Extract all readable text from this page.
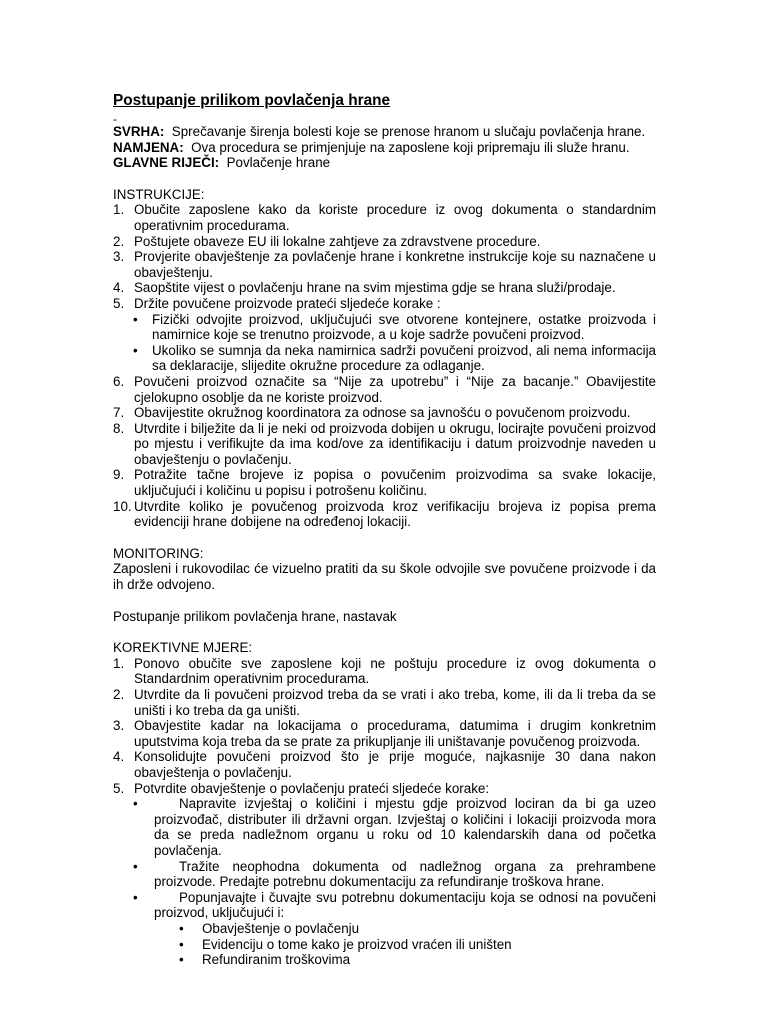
Postupanje prilikom povlačenja hrane
-

SVRHA: Sprečavanje širenja bolesti koje se prenose hranom u slučaju povlačenja hrane.

NAMJENA: Ova procedura se primjenjuje na zaposlene koji pripremaju ili služe hranu.

GLAVNE RIJEČI: Povlačenje hrane

INSTRUKCIJE:

1. Obučite zaposlene kako da koriste procedure iz ovog dokumenta o standardnim operativnim procedurama.
2. Poštujete obaveze EU ili lokalne zahtjeve za zdravstvene procedure.
3. Provjerite obavještenje za povlačenje hrane i konkretne instrukcije koje su naznačene u obavještenju.
4. Saopštite vijest o povlačenju hrane na svim mjestima gdje se hrana služi/prodaje.
5. Držite povučene proizvode prateći sljedeće korake :
• Fizički odvojite proizvod, uključujući sve otvorene kontejnere, ostatke proizvoda i namirnice koje se trenutno proizvode, a u koje sadrže povučeni proizvod.
• Ukoliko se sumnja da neka namirnica sadrži povučeni proizvod, ali nema informacija sa deklaracije, slijedite okružne procedure za odlaganje.
6. Povučeni proizvod označite sa “Nije za upotrebu” i “Nije za bacanje.” Obavijestite cjelokupno osoblje da ne koriste proizvod.
7. Obavijestite okružnog koordinatora za odnose sa javnošću o povučenom proizvodu.
8. Utvrdite i bilježite da li je neki od proizvoda dobijen u okrugu, locirajte povučeni proizvod po mjestu i verifikujte da ima kod/ove za identifikaciju i datum proizvodnje naveden u obavještenju o povlačenju.
9. Potražite tačne brojeve iz popisa o povučenim proizvodima sa svake lokacije, uključujući i količinu u popisu i potrošenu količinu.
10. Utvrdite koliko je povučenog proizvoda kroz verifikaciju brojeva iz popisa prema evidenciji hrane dobijene na određenoj lokaciji.

MONITORING:

Zaposleni i rukovodilac će vizuelno pratiti da su škole odvojile sve povučene proizvode i da ih drže odvojeno.

Postupanje prilikom povlačenja hrane, nastavak

KOREKTIVNE MJERE:

1. Ponovo obučite sve zaposlene koji ne poštuju procedure iz ovog dokumenta o Standardnim operativnim procedurama.
2. Utvrdite da li povučeni proizvod treba da se vrati i ako treba, kome, ili da li treba da se uništi i ko treba da ga uništi.
3. Obavjestite kadar na lokacijama o procedurama, datumima i drugim konkretnim uputstvima koja treba da se prate za prikupljanje ili uništavanje povučenog proizvoda.
4. Konsolidujte povučeni proizvod što je prije moguće, najkasnije 30 dana nakon obavještenja o povlačenju.
5. Potvrdite obavještenje o povlačenju prateći sljedeće korake:
•	Napravite izvještaj o količini i mjestu gdje proizvod lociran da bi ga uzeo proizvođač, distributer ili državni organ. Izvještaj o količini i lokaciji proizvoda mora da se preda nadležnom organu u roku od 10 kalendarskih dana od početka povlačenja.
•	Tražite neophodna dokumenta od nadležnog organa za prehrambene proizvode. Predajte potrebnu dokumentaciju za refundiranje troškova hrane.
•	Popunjavajte i čuvajte svu potrebnu dokumentaciju koja se odnosi na povučeni proizvod, uključujući i:
• Obavještenje o povlačenju
• Evidenciju o tome kako je proizvod vraćen ili uništen
• Refundiranim troškovima
